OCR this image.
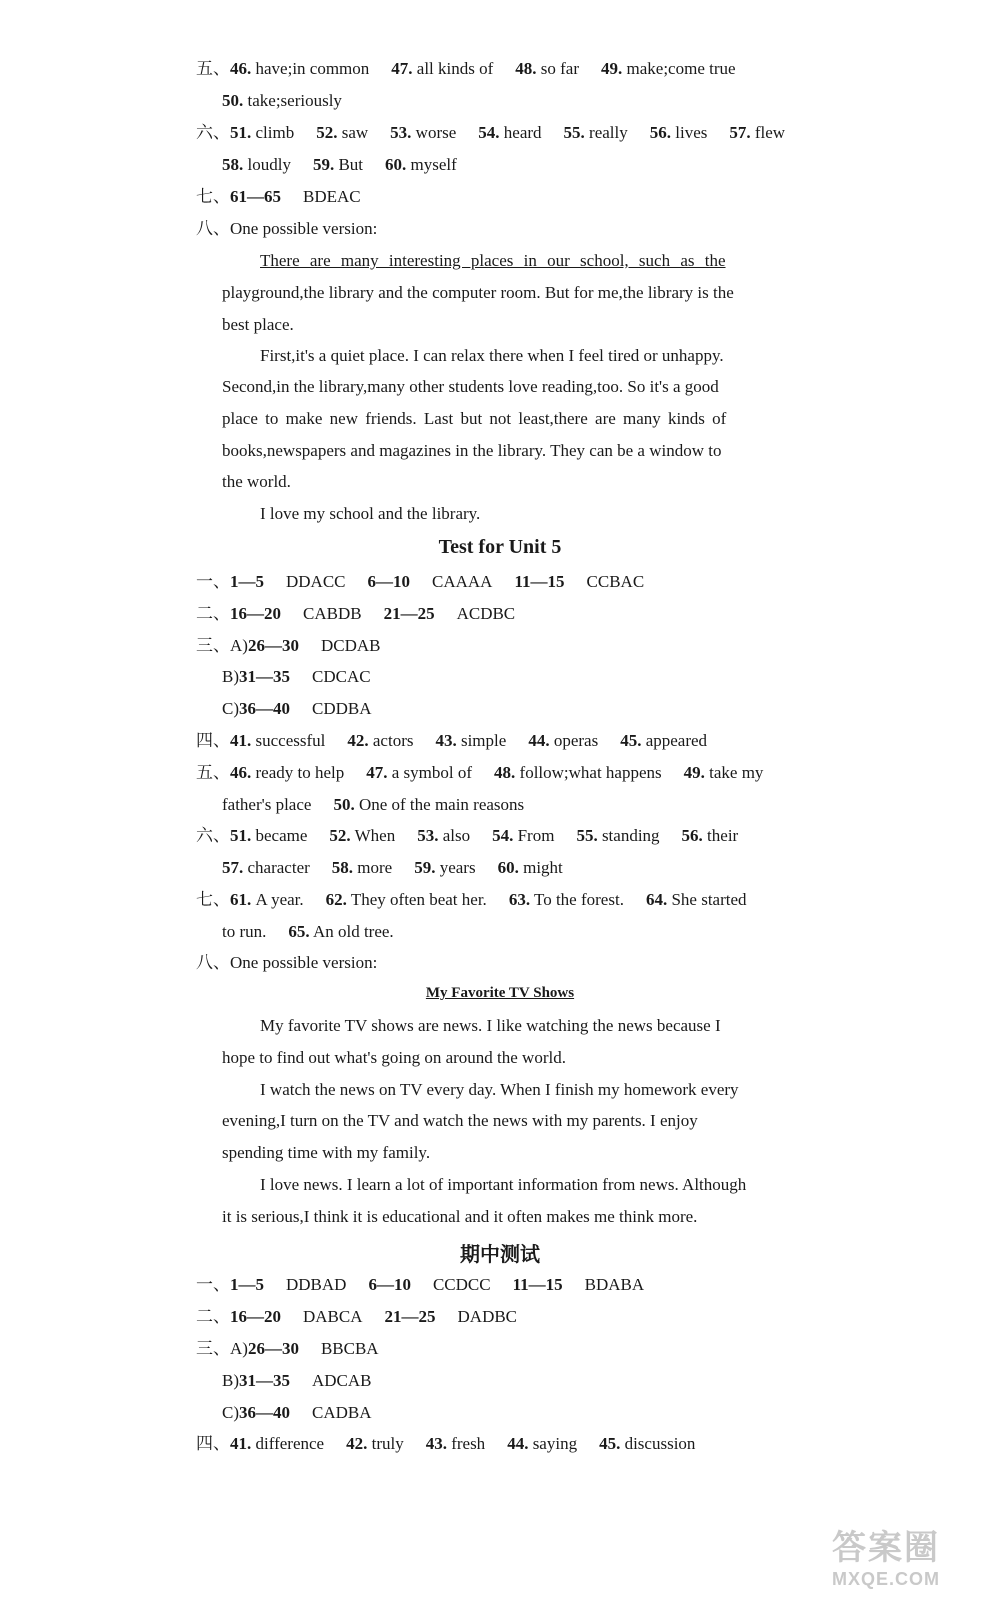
五、46. have;in common 47. all kinds of 48. so far 49. make;come true
50. take;seriously
六、51. climb 52. saw 53. worse 54. heard 55. really 56. lives 57. flew
58. loudly 59. But 60. myself
七、61—65 BDEAC
八、One possible version:
There are many interesting places in our school, such as the
playground,the library and the computer room. But for me,the library is the
best place.
First,it's a quiet place. I can relax there when I feel tired or unhappy.
Second,in the library,many other students love reading,too. So it's a good
place to make new friends. Last but not least,there are many kinds of
books,newspapers and magazines in the library. They can be a window to
the world.
I love my school and the library.
Test for Unit 5
一、1—5 DDACC 6—10 CAAAA 11—15 CCBAC
二、16—20 CABDB 21—25 ACDBC
三、A)26—30 DCDAB
B)31—35 CDCAC
C)36—40 CDDBA
四、41. successful 42. actors 43. simple 44. operas 45. appeared
五、46. ready to help 47. a symbol of 48. follow;what happens 49. take my
father's place 50. One of the main reasons
六、51. became 52. When 53. also 54. From 55. standing 56. their
57. character 58. more 59. years 60. might
七、61. A year. 62. They often beat her. 63. To the forest. 64. She started
to run. 65. An old tree.
八、One possible version:
My Favorite TV Shows
My favorite TV shows are news. I like watching the news because I
hope to find out what's going on around the world.
I watch the news on TV every day. When I finish my homework every
evening,I turn on the TV and watch the news with my parents. I enjoy
spending time with my family.
I love news. I learn a lot of important information from news. Although
it is serious,I think it is educational and it often makes me think more.
期中测试
一、1—5 DDBAD 6—10 CCDCC 11—15 BDABA
二、16—20 DABCA 21—25 DADBC
三、A)26—30 BBCBA
B)31—35 ADCAB
C)36—40 CADBA
四、41. difference 42. truly 43. fresh 44. saying 45. discussion
答案圈
MXQE.COM
